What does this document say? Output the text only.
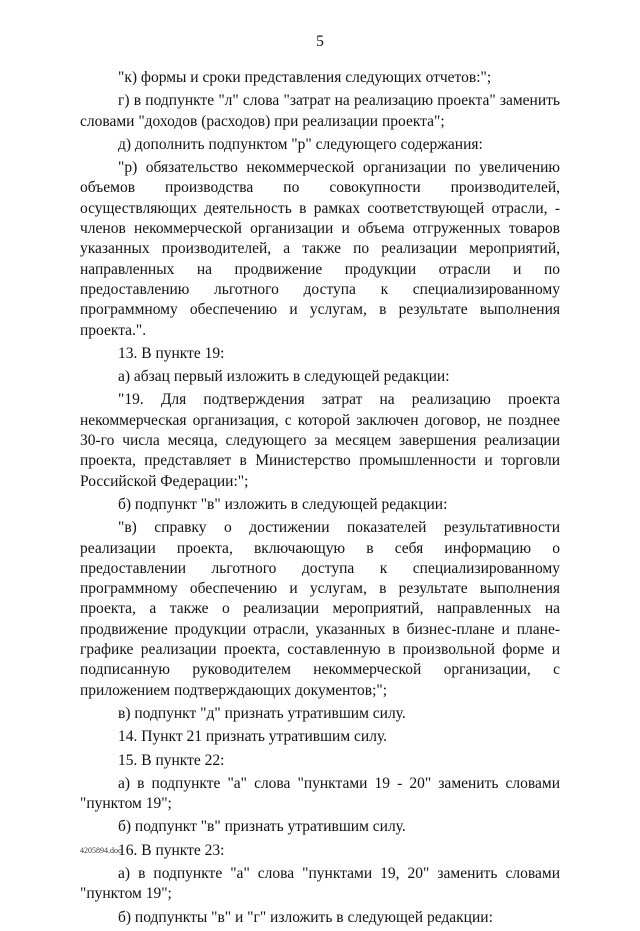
5

"к) формы и сроки представления следующих отчетов:";

г) в подпункте "л" слова "затрат на реализацию проекта" заменить словами "доходов (расходов) при реализации проекта";

д) дополнить подпунктом "р" следующего содержания:

"р) обязательство некоммерческой организации по увеличению объемов производства по совокупности производителей, осуществляющих деятельность в рамках соответствующей отрасли, - членов некоммерческой организации и объема отгруженных товаров указанных производителей, а также по реализации мероприятий, направленных на продвижение продукции отрасли и по предоставлению льготного доступа к специализированному программному обеспечению и услугам, в результате выполнения проекта.".

13. В пункте 19:

а) абзац первый изложить в следующей редакции:

"19. Для подтверждения затрат на реализацию проекта некоммерческая организация, с которой заключен договор, не позднее 30-го числа месяца, следующего за месяцем завершения реализации проекта, представляет в Министерство промышленности и торговли Российской Федерации:";

б) подпункт "в" изложить в следующей редакции:

"в) справку о достижении показателей результативности реализации проекта, включающую в себя информацию о предоставлении льготного доступа к специализированному программному обеспечению и услугам, в результате выполнения проекта, а также о реализации мероприятий, направленных на продвижение продукции отрасли, указанных в бизнес-плане и плане-графике реализации проекта, составленную в произвольной форме и подписанную руководителем некоммерческой организации, с приложением подтверждающих документов;";

в) подпункт "д" признать утратившим силу.

14. Пункт 21 признать утратившим силу.

15. В пункте 22:

а) в подпункте "а" слова "пунктами 19 - 20" заменить словами "пунктом 19";

б) подпункт "в" признать утратившим силу.

16. В пункте 23:

а) в подпункте "а" слова "пунктами 19, 20" заменить словами "пунктом 19";

б) подпункты "в" и "г" изложить в следующей редакции:

4205894.doc
